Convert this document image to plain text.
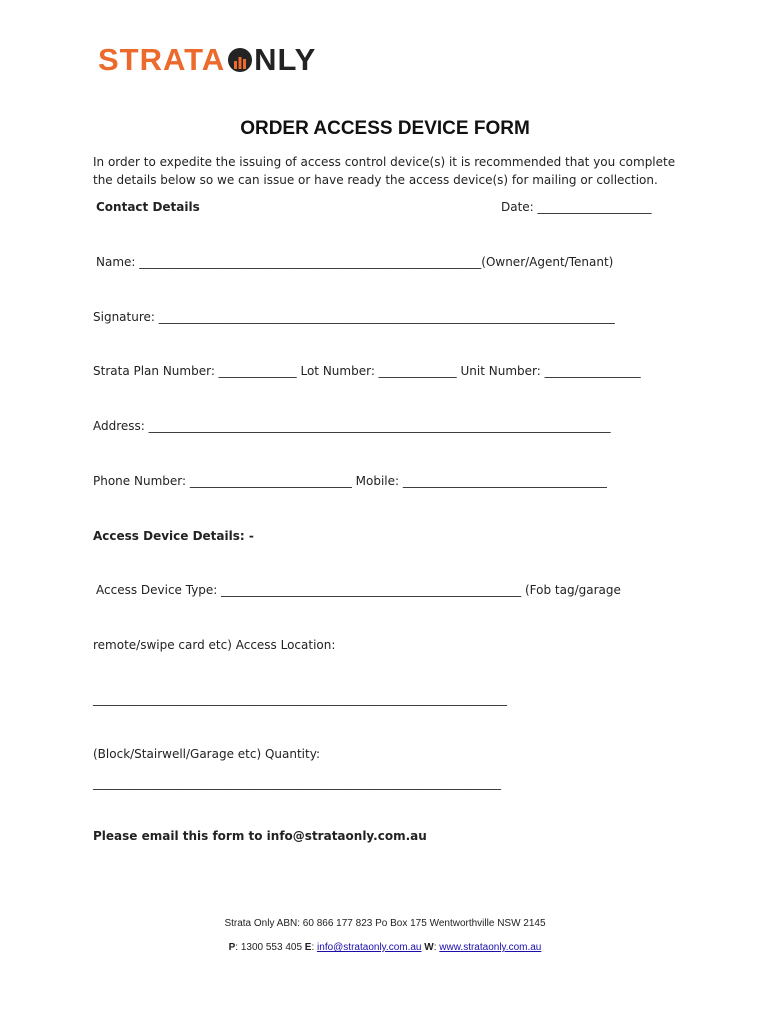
STRATA NLY
ORDER ACCESS DEVICE FORM
In order to expedite the issuing of access control device(s) it is recommended that you complete the details below so we can issue or have ready the access device(s) for mailing or collection.
Contact Details	Date: ___________________
Name: _________________________________________________________(Owner/Agent/Tenant)
Signature: ____________________________________________________________________________
Strata Plan Number: _____________ Lot Number: _____________ Unit Number: ________________
Address: _____________________________________________________________________________
Phone Number: ___________________________ Mobile: __________________________________
Access Device Details: -
Access Device Type: __________________________________________________ (Fob tag/garage
remote/swipe card etc) Access Location:
_____________________________________________________________________
(Block/Stairwell/Garage etc) Quantity:
____________________________________________________________________
Please email this form to info@strataonly.com.au
Strata Only ABN: 60 866 177 823 Po Box 175 Wentworthville NSW 2145
P: 1300 553 405 E: info@strataonly.com.au W: www.strataonly.com.au
